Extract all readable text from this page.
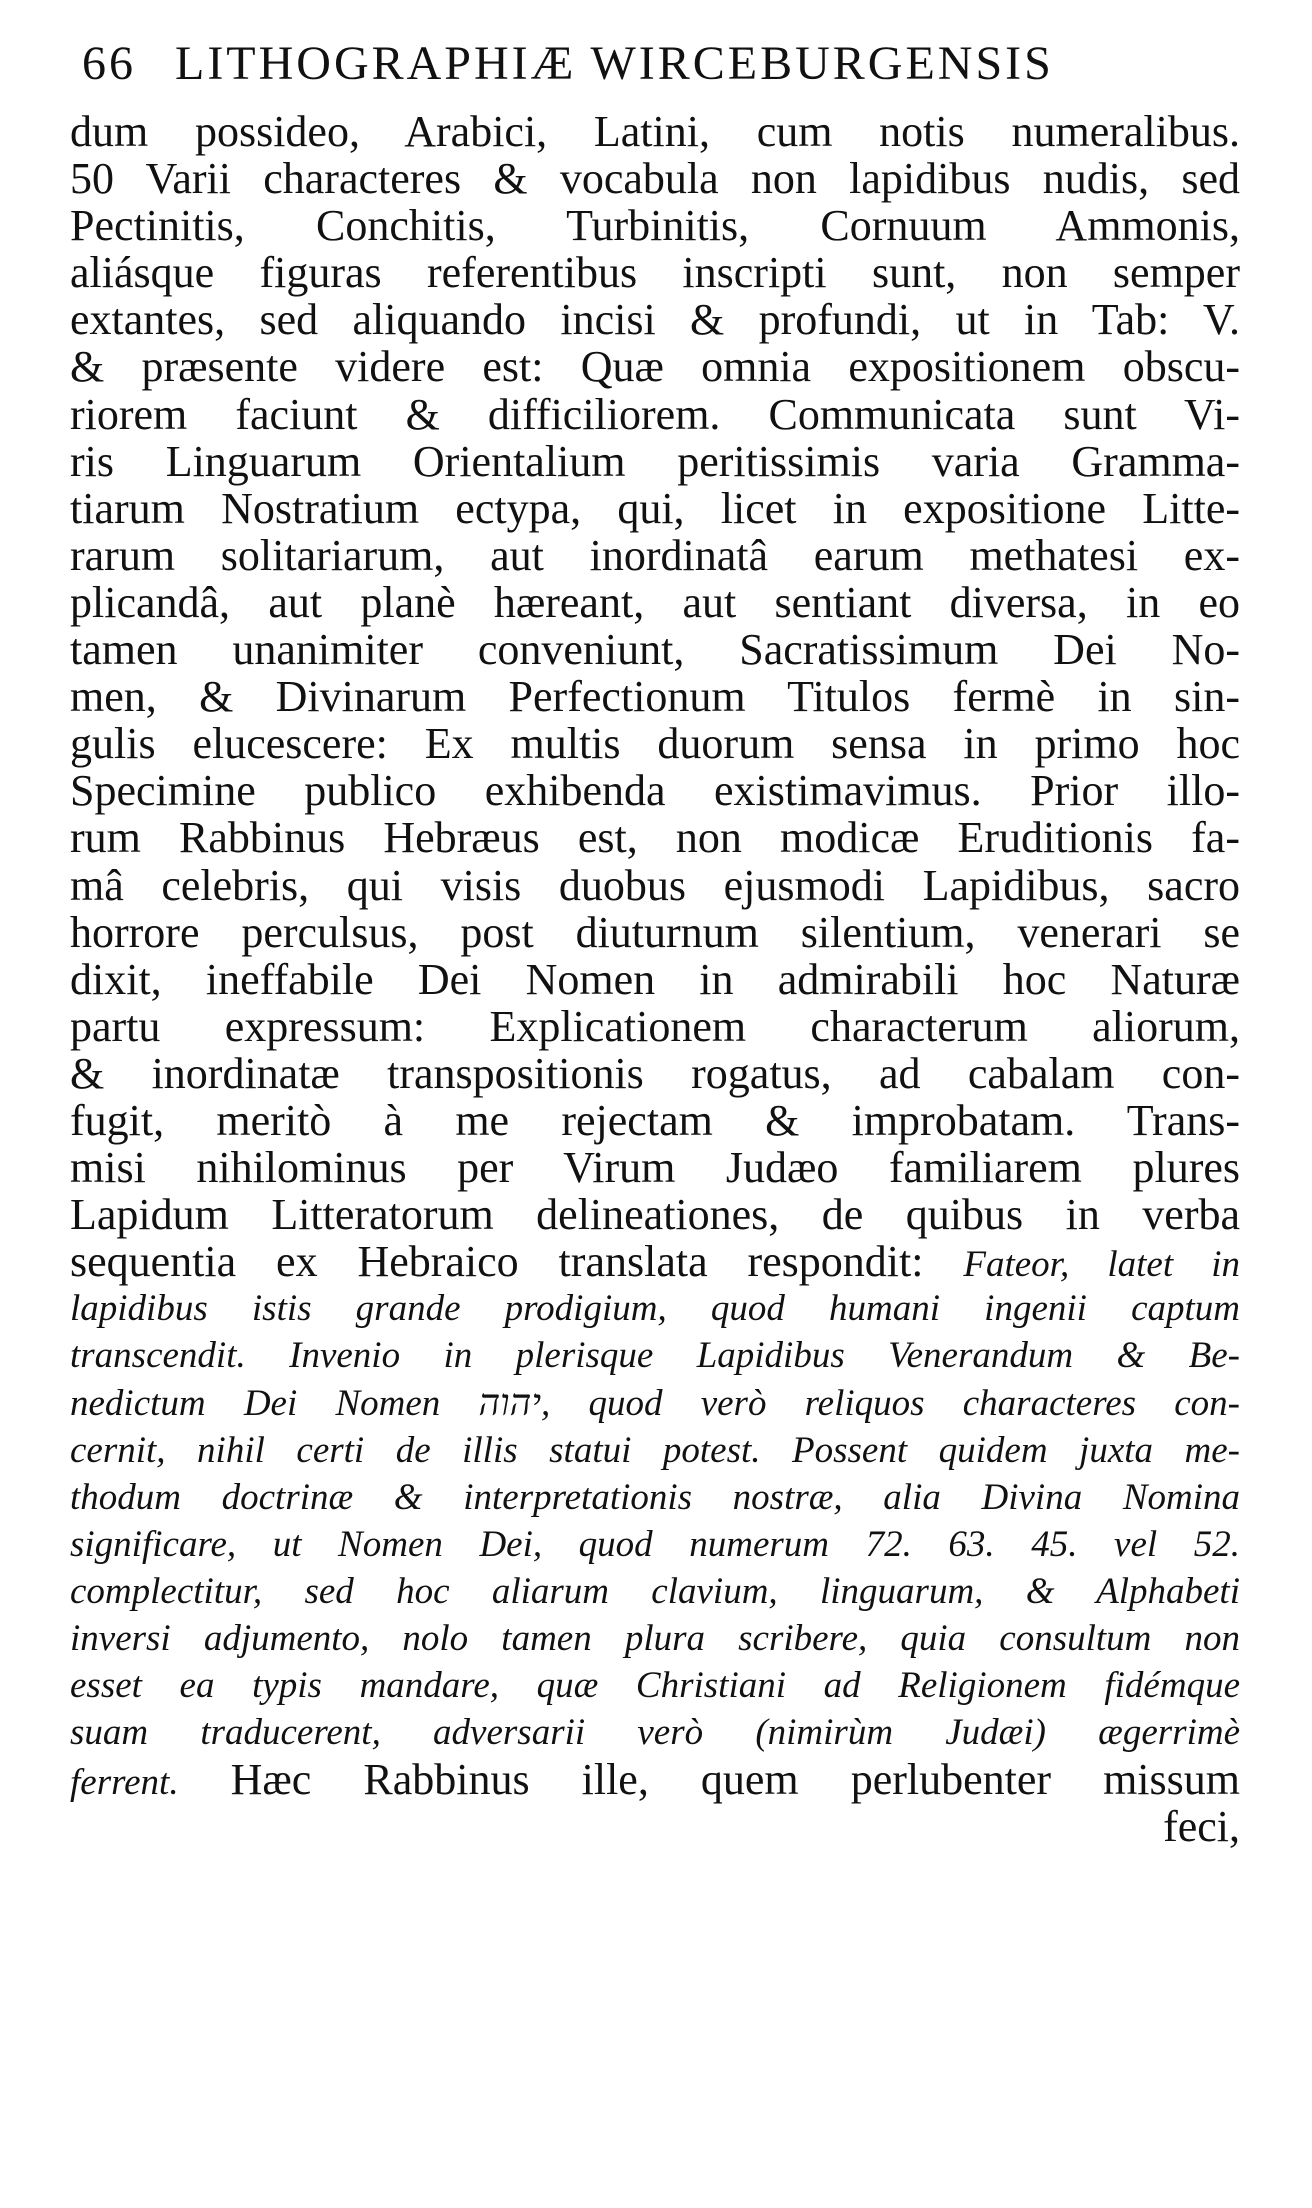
66 LITHOGRAPHIÆ WIRCEBURGENSIS
dum possideo, Arabici, Latini, cum notis numeralibus.
50 Varii characteres & vocabula non lapidibus nudis, sed
Pectinitis, Conchitis, Turbinitis, Cornuum Ammonis,
aliásque figuras referentibus inscripti sunt, non semper
extantes, sed aliquando incisi & profundi, ut in Tab: V.
& præsente videre est: Quæ omnia expositionem obscu-
riorem faciunt & difficiliorem. Communicata sunt Vi-
ris Linguarum Orientalium peritissimis varia Gramma-
tiarum Nostratium ectypa, qui, licet in expositione Litte-
rarum solitariarum, aut inordinatâ earum methatesi ex-
plicandâ, aut planè hæreant, aut sentiant diversa, in eo
tamen unanimiter conveniunt, Sacratissimum Dei No-
men, & Divinarum Perfectionum Titulos fermè in sin-
gulis elucescere: Ex multis duorum sensa in primo hoc
Specimine publico exhibenda existimavimus. Prior illo-
rum Rabbinus Hebræus est, non modicæ Eruditionis fa-
mâ celebris, qui visis duobus ejusmodi Lapidibus, sacro
horrore perculsus, post diuturnum silentium, venerari se
dixit, ineffabile Dei Nomen in admirabili hoc Naturæ
partu expressum: Explicationem characterum aliorum,
& inordinatæ transpositionis rogatus, ad cabalam con-
fugit, meritò à me rejectam & improbatam. Trans-
misi nihilominus per Virum Judæo familiarem plures
Lapidum Litteratorum delineationes, de quibus in verba
sequentia ex Hebraico translata respondit: Fateor, latet in
lapidibus istis grande prodigium, quod humani ingenii captum
transcendit. Invenio in plerisque Lapidibus Venerandum & Be-
nedictum Dei Nomen יהוה, quod verò reliquos characteres con-
cernit, nihil certi de illis statui potest. Possent quidem juxta me-
thodum doctrinæ & interpretationis nostræ, alia Divina Nomina
significare, ut Nomen Dei, quod numerum 72. 63. 45. vel 52.
complectitur, sed hoc aliarum clavium, linguarum, & Alphabeti
inversi adjumento, nolo tamen plura scribere, quia consultum non
esset ea typis mandare, quæ Christiani ad Religionem fidémque
suam traducerent, adversarii verò (nimirùm Judæi) ægerrimè
ferrent. Hæc Rabbinus ille, quem perlubenter missum
feci,
